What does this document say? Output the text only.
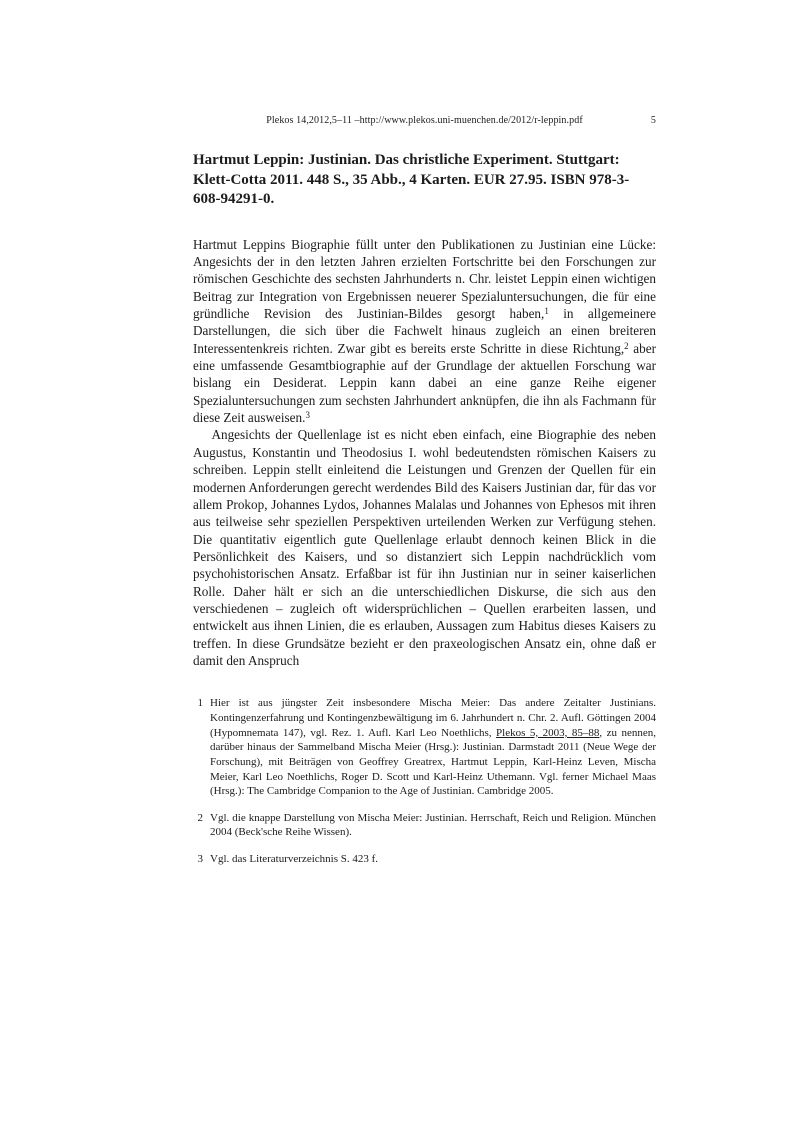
Plekos 14,2012,5–11 –http://www.plekos.uni-muenchen.de/2012/r-leppin.pdf	5
Hartmut Leppin: Justinian. Das christliche Experiment. Stuttgart: Klett-Cotta 2011. 448 S., 35 Abb., 4 Karten. EUR 27.95. ISBN 978-3-608-94291-0.

Hartmut Leppins Biographie füllt unter den Publikationen zu Justinian eine Lücke: Angesichts der in den letzten Jahren erzielten Fortschritte bei den Forschungen zur römischen Geschichte des sechsten Jahrhunderts n. Chr. leistet Leppin einen wichtigen Beitrag zur Integration von Ergebnissen neuerer Spezialuntersuchungen, die für eine gründliche Revision des Justinian-Bildes gesorgt haben,$^1$ in allgemeinere Darstellungen, die sich über die Fachwelt hinaus zugleich an einen breiteren Interessentenkreis richten. Zwar gibt es bereits erste Schritte in diese Richtung,$^2$ aber eine umfassende Gesamtbiographie auf der Grundlage der aktuellen Forschung war bislang ein Desiderat. Leppin kann dabei an eine ganze Reihe eigener Spezialuntersuchungen zum sechsten Jahrhundert anknüpfen, die ihn als Fachmann für diese Zeit ausweisen.$^3$

Angesichts der Quellenlage ist es nicht eben einfach, eine Biographie des neben Augustus, Konstantin und Theodosius I. wohl bedeutendsten römischen Kaisers zu schreiben. Leppin stellt einleitend die Leistungen und Grenzen der Quellen für ein modernen Anforderungen gerecht werdendes Bild des Kaisers Justinian dar, für das vor allem Prokop, Johannes Lydos, Johannes Malalas und Johannes von Ephesos mit ihren aus teilweise sehr speziellen Perspektiven urteilenden Werken zur Verfügung stehen. Die quantitativ eigentlich gute Quellenlage erlaubt dennoch keinen Blick in die Persönlichkeit des Kaisers, und so distanziert sich Leppin nachdrücklich vom psychohistorischen Ansatz. Erfaßbar ist für ihn Justinian nur in seiner kaiserlichen Rolle. Daher hält er sich an die unterschiedlichen Diskurse, die sich aus den verschiedenen – zugleich oft widersprüchlichen – Quellen erarbeiten lassen, und entwickelt aus ihnen Linien, die es erlauben, Aussagen zum Habitus dieses Kaisers zu treffen. In diese Grundsätze bezieht er den praxeologischen Ansatz ein, ohne daß er damit den Anspruch

1 Hier ist aus jüngster Zeit insbesondere Mischa Meier: Das andere Zeitalter Justinians. Kontingenzerfahrung und Kontingenzbewältigung im 6. Jahrhundert n. Chr. 2. Aufl. Göttingen 2004 (Hypomnemata 147), vgl. Rez. 1. Aufl. Karl Leo Noethlichs, Plekos 5, 2003, 85–88, zu nennen, darüber hinaus der Sammelband Mischa Meier (Hrsg.): Justinian. Darmstadt 2011 (Neue Wege der Forschung), mit Beiträgen von Geoffrey Greatrex, Hartmut Leppin, Karl-Heinz Leven, Mischa Meier, Karl Leo Noethlichs, Roger D. Scott und Karl-Heinz Uthemann. Vgl. ferner Michael Maas (Hrsg.): The Cambridge Companion to the Age of Justinian. Cambridge 2005.
2 Vgl. die knappe Darstellung von Mischa Meier: Justinian. Herrschaft, Reich und Religion. München 2004 (Beck'sche Reihe Wissen).
3 Vgl. das Literaturverzeichnis S. 423 f.
